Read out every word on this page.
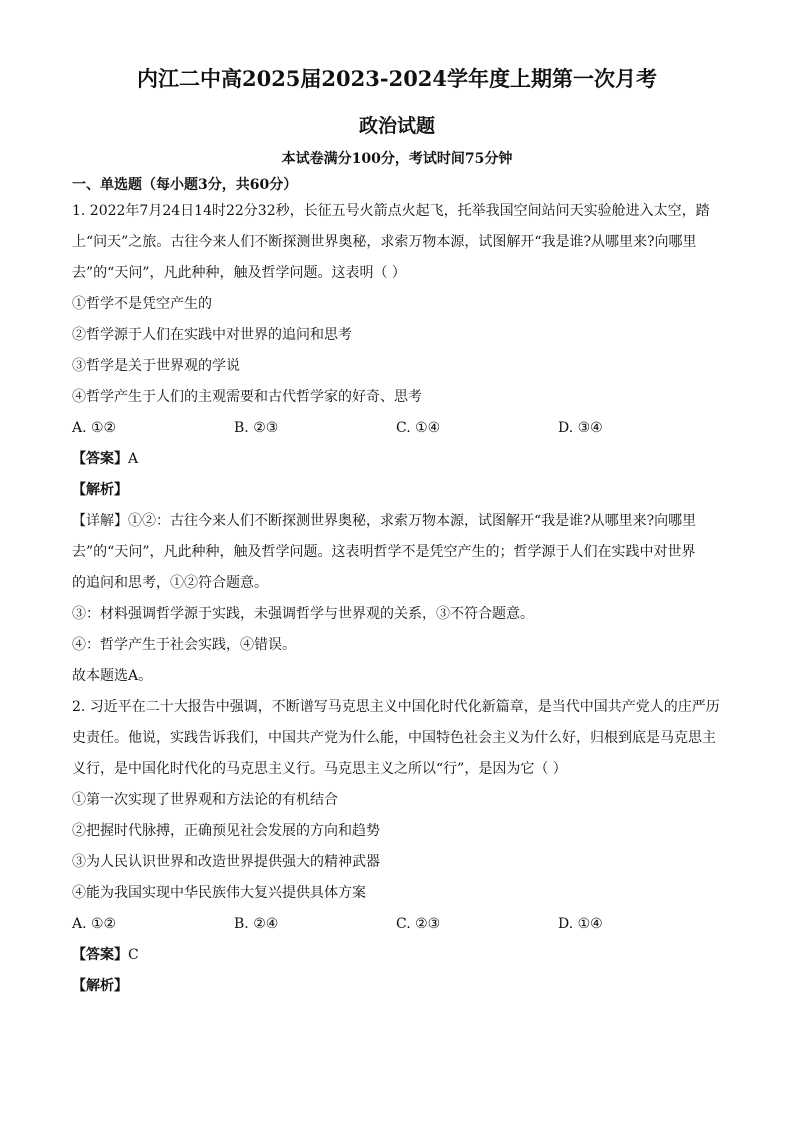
内江二中高2025届2023-2024学年度上期第一次月考
政治试题
本试卷满分100分，考试时间75分钟
一、单选题（每小题3分，共60分）

1. 2022年7月24日14时22分32秒，长征五号火箭点火起飞，托举我国空间站问天实验舱进入太空，踏

上“问天”之旅。古往今来人们不断探测世界奥秘，求索万物本源，试图解开“我是谁?从哪里来?向哪里

去”的“天问”，凡此种种，触及哲学问题。这表明（ ）

①哲学不是凭空产生的

②哲学源于人们在实践中对世界的追问和思考

③哲学是关于世界观的学说

④哲学产生于人们的主观需要和古代哲学家的好奇、思考

A. ①②	B. ②③	C. ①④	D. ③④

【答案】A

【解析】

【详解】①②：古往今来人们不断探测世界奥秘，求索万物本源，试图解开“我是谁?从哪里来?向哪里

去”的“天问”，凡此种种，触及哲学问题。这表明哲学不是凭空产生的；哲学源于人们在实践中对世界

的追问和思考，①②符合题意。

③：材料强调哲学源于实践，未强调哲学与世界观的关系，③不符合题意。

④：哲学产生于社会实践，④错误。

故本题选A。

2. 习近平在二十大报告中强调，不断谱写马克思主义中国化时代化新篇章，是当代中国共产党人的庄严历

史责任。他说，实践告诉我们，中国共产党为什么能，中国特色社会主义为什么好，归根到底是马克思主

义行，是中国化时代化的马克思主义行。马克思主义之所以“行”，是因为它（ ）

①第一次实现了世界观和方法论的有机结合

②把握时代脉搏，正确预见社会发展的方向和趋势

③为人民认识世界和改造世界提供强大的精神武器

④能为我国实现中华民族伟大复兴提供具体方案

A. ①②	B. ②④	C. ②③	D. ①④

【答案】C

【解析】
